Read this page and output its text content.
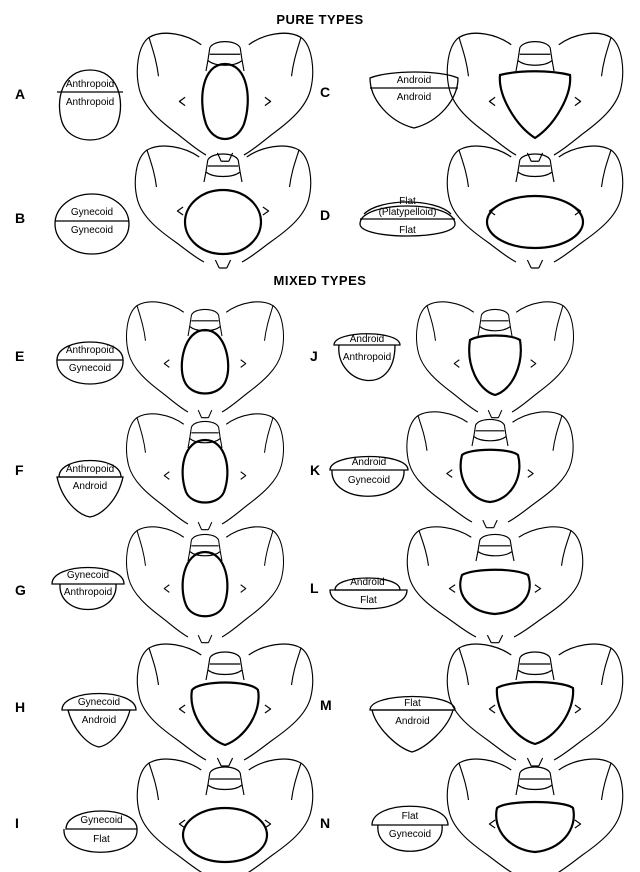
PURE TYPES
MIXED TYPES
A
B
C
D
E
F
G
H
I
J
K
L
M
N
Anthropoid
Anthropoid
Gynecoid
Gynecoid
Android
Android
Flat
(Platypelloid)
Flat
Anthropoid
Gynecoid
Anthropoid
Android
Gynecoid
Anthropoid
Gynecoid
Android
Gynecoid
Flat
Android
Anthropoid
Android
Gynecoid
Android
Flat
Flat
Android
Flat
Gynecoid
